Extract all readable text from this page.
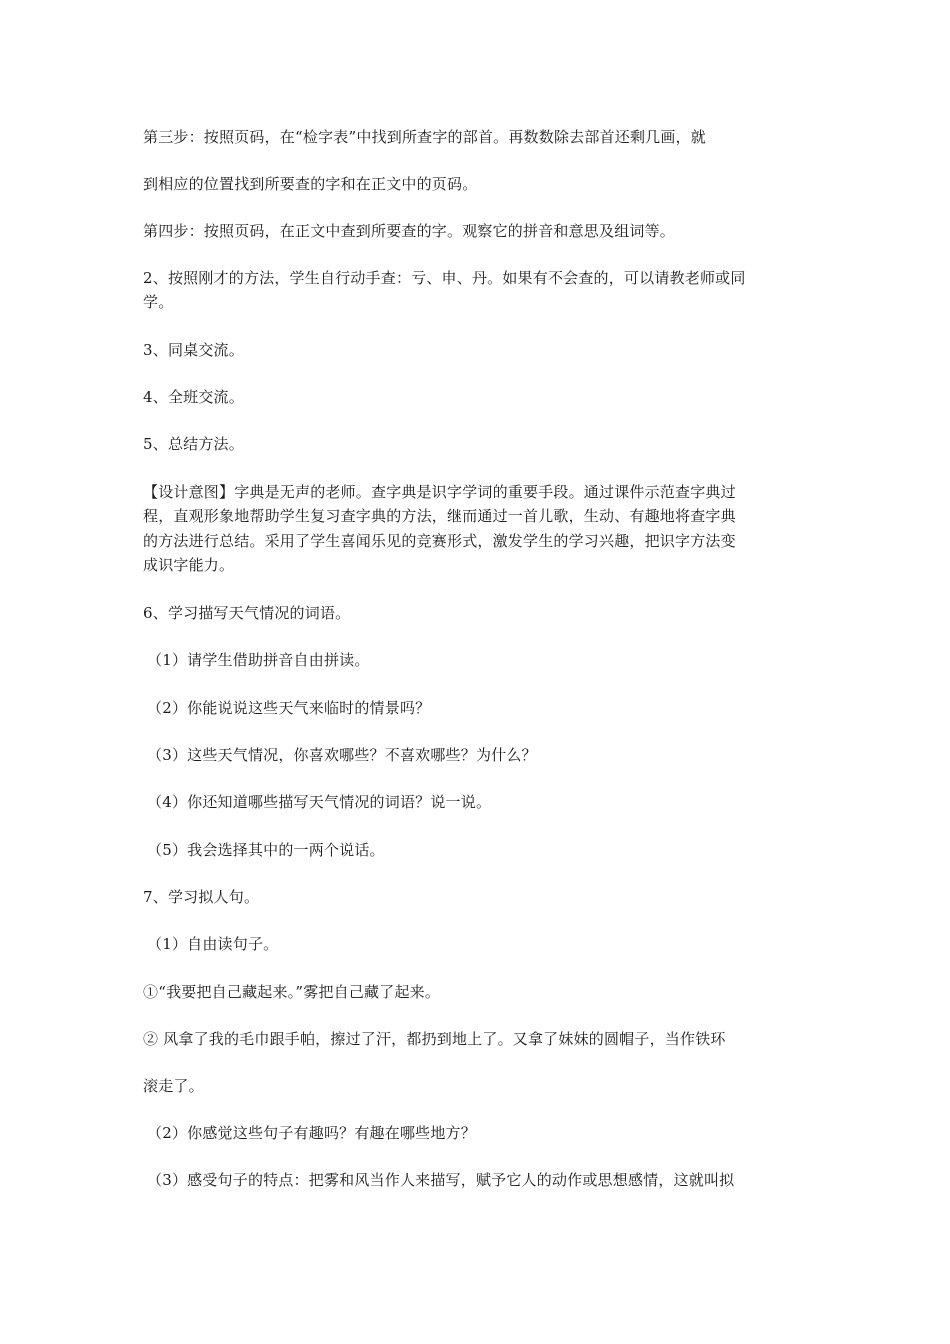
第三步：按照页码，在“检字表”中找到所查字的部首。再数数除去部首还剩几画，就
到相应的位置找到所要查的字和在正文中的页码。
第四步：按照页码，在正文中查到所要查的字。观察它的拼音和意思及组词等。
2、按照刚才的方法，学生自行动手查：亏、申、丹。如果有不会查的，可以请教老师或同
学。
3、同桌交流。
4、全班交流。
5、总结方法。
【设计意图】字典是无声的老师。查字典是识字学词的重要手段。通过课件示范查字典过
程，直观形象地帮助学生复习查字典的方法，继而通过一首儿歌，生动、有趣地将查字典
的方法进行总结。采用了学生喜闻乐见的竞赛形式，激发学生的学习兴趣，把识字方法变
成识字能力。
6、学习描写天气情况的词语。
（1）请学生借助拼音自由拼读。
（2）你能说说这些天气来临时的情景吗？
（3）这些天气情况，你喜欢哪些？不喜欢哪些？为什么？
（4）你还知道哪些描写天气情况的词语？说一说。
（5）我会选择其中的一两个说话。
7、学习拟人句。
（1）自由读句子。
①“我要把自己藏起来。”雾把自己藏了起来。
② 风拿了我的毛巾跟手帕，擦过了汗，都扔到地上了。又拿了妹妹的圆帽子，当作铁环
滚走了。
（2）你感觉这些句子有趣吗？有趣在哪些地方？
（3）感受句子的特点：把雾和风当作人来描写，赋予它人的动作或思想感情，这就叫拟
